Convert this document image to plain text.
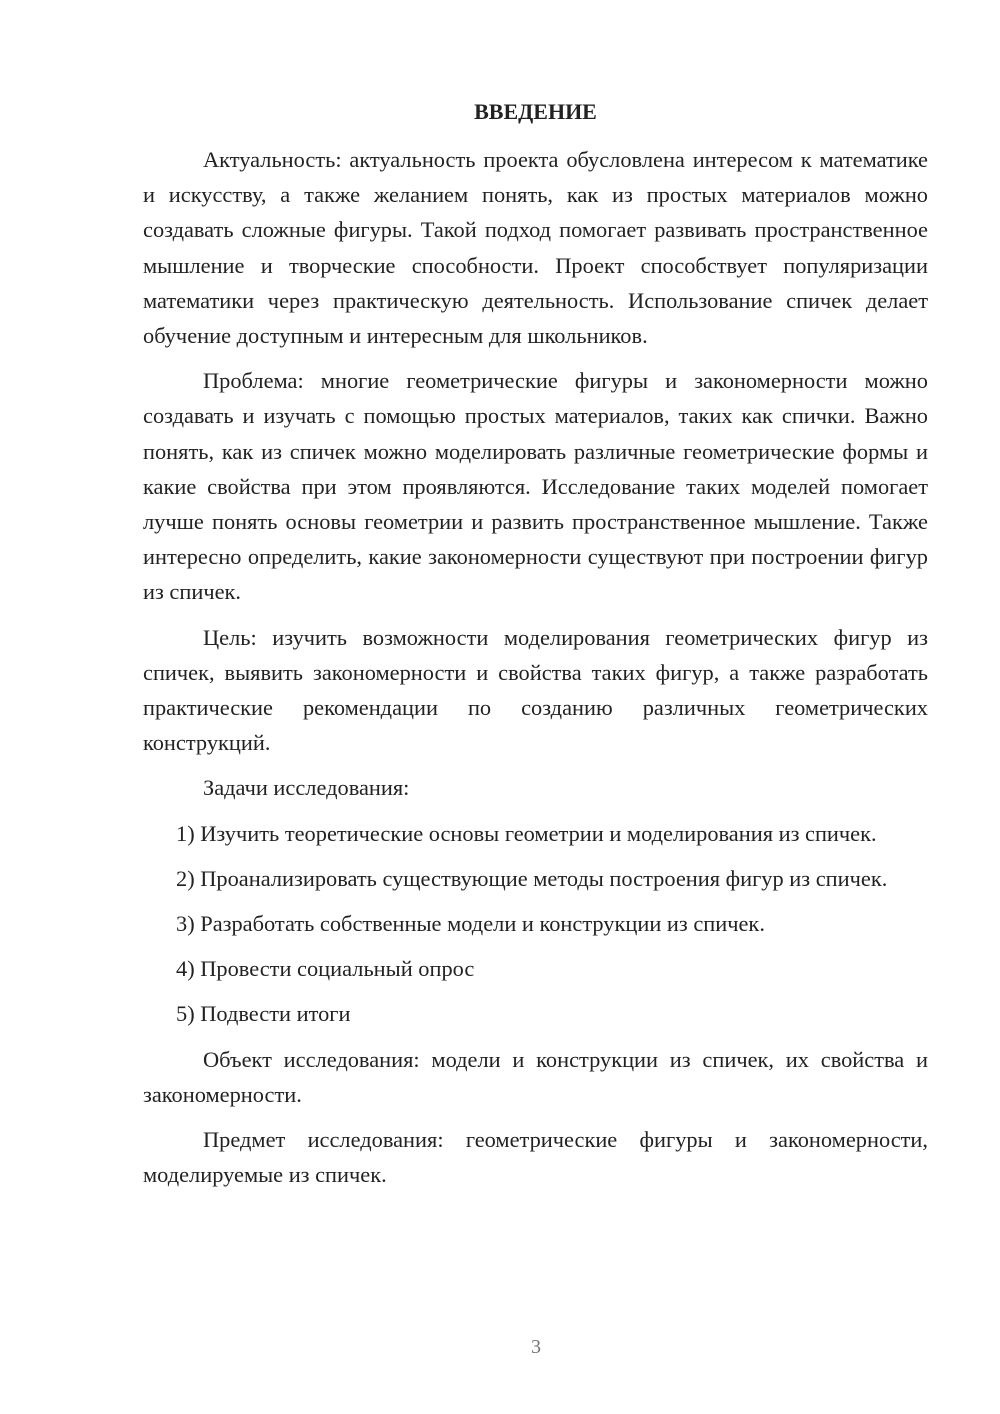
ВВЕДЕНИЕ

Актуальность: актуальность проекта обусловлена интересом к математике и искусству, а также желанием понять, как из простых материалов можно создавать сложные фигуры. Такой подход помогает развивать пространственное мышление и творческие способности. Проект способствует популяризации математики через практическую деятельность. Использование спичек делает обучение доступным и интересным для школьников.

Проблема: многие геометрические фигуры и закономерности можно создавать и изучать с помощью простых материалов, таких как спички. Важно понять, как из спичек можно моделировать различные геометрические формы и какие свойства при этом проявляются. Исследование таких моделей помогает лучше понять основы геометрии и развить пространственное мышление. Также интересно определить, какие закономерности существуют при построении фигур из спичек.

Цель: изучить возможности моделирования геометрических фигур из спичек, выявить закономерности и свойства таких фигур, а также разработать практические рекомендации по созданию различных геометрических конструкций.

Задачи исследования:

1) Изучить теоретические основы геометрии и моделирования из спичек.

2) Проанализировать существующие методы построения фигур из спичек.

3) Разработать собственные модели и конструкции из спичек.

4) Провести социальный опрос

5) Подвести итоги

Объект исследования: модели и конструкции из спичек, их свойства и закономерности.

Предмет исследования: геометрические фигуры и закономерности, моделируемые из спичек.

3
